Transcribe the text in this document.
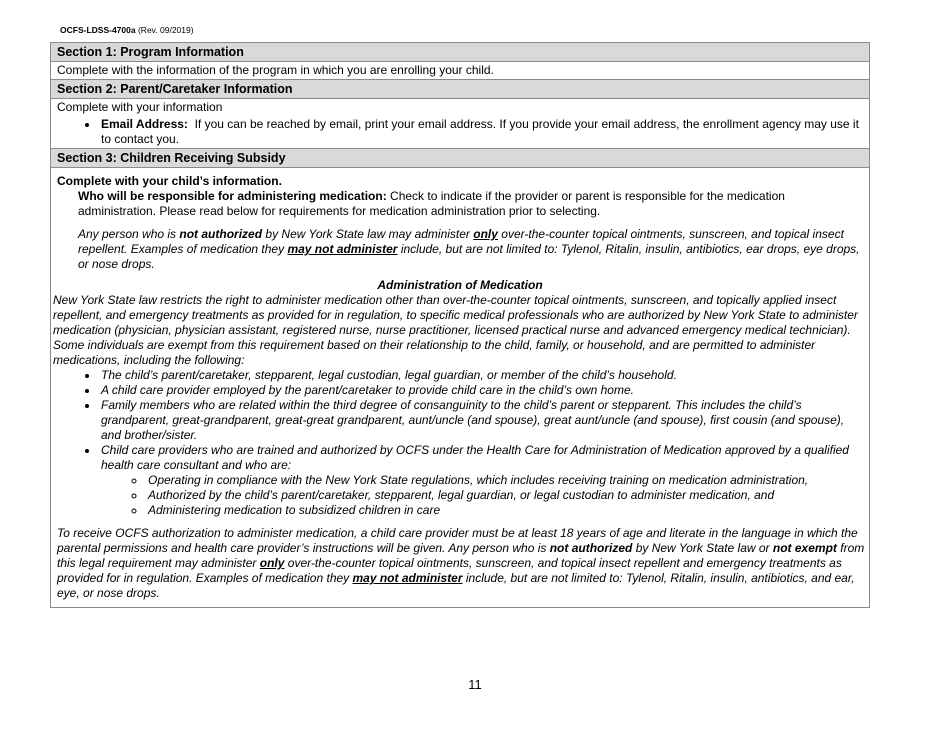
OCFS-LDSS-4700a (Rev. 09/2019)
Section 1: Program Information
Complete with the information of the program in which you are enrolling your child.
Section 2: Parent/Caretaker Information
Complete with your information
• Email Address: If you can be reached by email, print your email address. If you provide your email address, the enrollment agency may use it to contact you.
Section 3: Children Receiving Subsidy
Complete with your child’s information.
Who will be responsible for administering medication: Check to indicate if the provider or parent is responsible for the medication administration. Please read below for requirements for medication administration prior to selecting.
Any person who is not authorized by New York State law may administer only over-the-counter topical ointments, sunscreen, and topical insect repellent. Examples of medication they may not administer include, but are not limited to: Tylenol, Ritalin, insulin, antibiotics, ear drops, eye drops, or nose drops.
Administration of Medication
New York State law restricts the right to administer medication other than over-the-counter topical ointments, sunscreen, and topically applied insect repellent, and emergency treatments as provided for in regulation, to specific medical professionals who are authorized by New York State to administer medication (physician, physician assistant, registered nurse, nurse practitioner, licensed practical nurse and advanced emergency medical technician). Some individuals are exempt from this requirement based on their relationship to the child, family, or household, and are permitted to administer medications, including the following:
• The child’s parent/caretaker, stepparent, legal custodian, legal guardian, or member of the child’s household.
• A child care provider employed by the parent/caretaker to provide child care in the child’s own home.
• Family members who are related within the third degree of consanguinity to the child’s parent or stepparent. This includes the child’s grandparent, great-grandparent, great-great grandparent, aunt/uncle (and spouse), great aunt/uncle (and spouse), first cousin (and spouse), and brother/sister.
• Child care providers who are trained and authorized by OCFS under the Health Care for Administration of Medication approved by a qualified health care consultant and who are:
◦ Operating in compliance with the New York State regulations, which includes receiving training on medication administration,
◦ Authorized by the child’s parent/caretaker, stepparent, legal guardian, or legal custodian to administer medication, and
◦ Administering medication to subsidized children in care
To receive OCFS authorization to administer medication, a child care provider must be at least 18 years of age and literate in the language in which the parental permissions and health care provider’s instructions will be given. Any person who is not authorized by New York State law or not exempt from this legal requirement may administer only over-the-counter topical ointments, sunscreen, and topical insect repellent and emergency treatments as provided for in regulation. Examples of medication they may not administer include, but are not limited to: Tylenol, Ritalin, insulin, antibiotics, and ear, eye, or nose drops.
11
